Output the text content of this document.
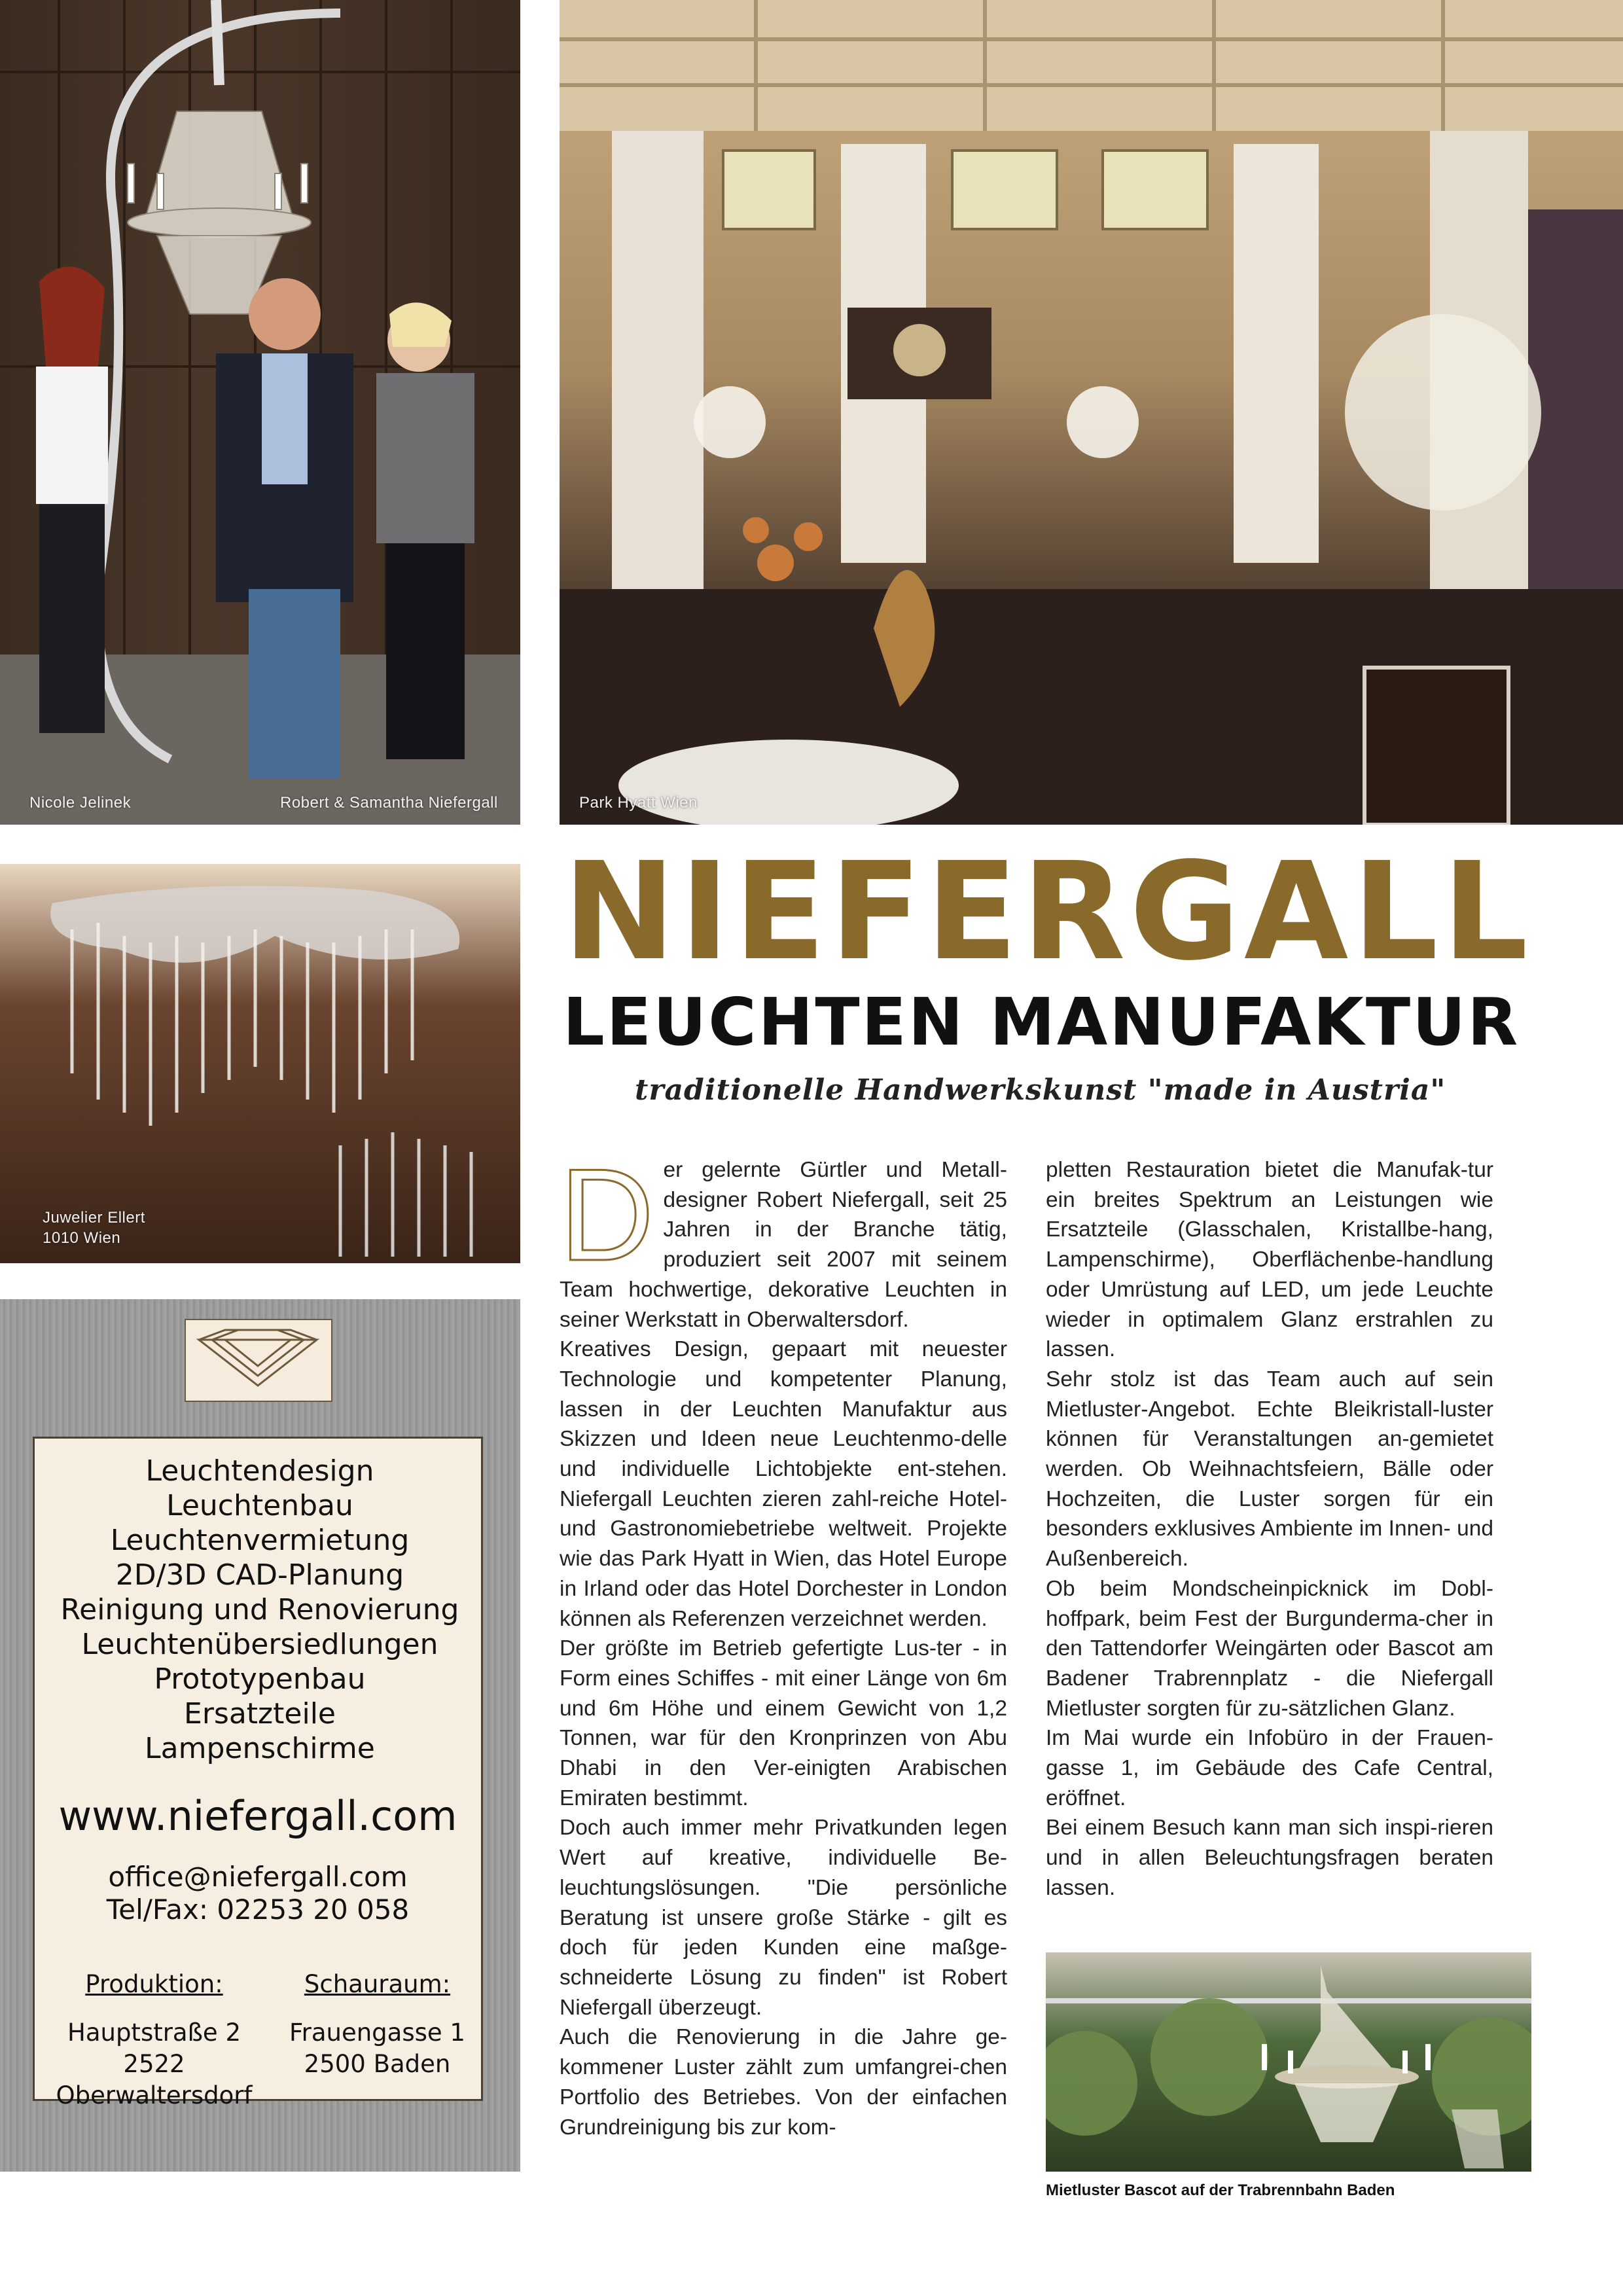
Nicole Jelinek	Robert & Samantha Niefergall	Park Hyatt Wien
Juwelier Ellert
1010 Wien
NIEFERGALL
LEUCHTEN MANUFAKTUR
traditionelle Handwerkskunst "made in Austria"

Der gelernte Gürtler und Metall-designer Robert Niefergall, seit 25 Jahren in der Branche tätig, produziert seit 2007 mit seinem Team hochwertige, dekorative Leuchten in seiner Werkstatt in Oberwaltersdorf.

Kreatives Design, gepaart mit neuester Technologie und kompetenter Planung, lassen in der Leuchten Manufaktur aus Skizzen und Ideen neue Leuchtenmo-delle und individuelle Lichtobjekte ent-stehen. Niefergall Leuchten zieren zahl-reiche Hotel- und Gastronomiebetriebe weltweit. Projekte wie das Park Hyatt in Wien, das Hotel Europe in Irland oder das Hotel Dorchester in London können als Referenzen verzeichnet werden.

Der größte im Betrieb gefertigte Lus-ter - in Form eines Schiffes - mit einer Länge von 6m und 6m Höhe und einem Gewicht von 1,2 Tonnen, war für den Kronprinzen von Abu Dhabi in den Ver-einigten Arabischen Emiraten bestimmt.

Doch auch immer mehr Privatkunden legen Wert auf kreative, individuelle Be-leuchtungslösungen. "Die persönliche Beratung ist unsere große Stärke - gilt es doch für jeden Kunden eine maßge-schneiderte Lösung zu finden" ist Robert Niefergall überzeugt.

Auch die Renovierung in die Jahre ge-kommener Luster zählt zum umfangrei-chen Portfolio des Betriebes. Von der einfachen Grundreinigung bis zur kom-

pletten Restauration bietet die Manufak-tur ein breites Spektrum an Leistungen wie Ersatzteile (Glasschalen, Kristallbe-hang, Lampenschirme), Oberflächenbe-handlung oder Umrüstung auf LED, um jede Leuchte wieder in optimalem Glanz erstrahlen zu lassen.

Sehr stolz ist das Team auch auf sein Mietluster-Angebot. Echte Bleikristall-luster können für Veranstaltungen an-gemietet werden. Ob Weihnachtsfeiern, Bälle oder Hochzeiten, die Luster sorgen für ein besonders exklusives Ambiente im Innen- und Außenbereich.

Ob beim Mondscheinpicknick im Dobl-hoffpark, beim Fest der Burgunderma-cher in den Tattendorfer Weingärten oder Bascot am Badener Trabrennplatz - die Niefergall Mietluster sorgten für zu-sätzlichen Glanz.

Im Mai wurde ein Infobüro in der Frauen-gasse 1, im Gebäude des Cafe Central, eröffnet.

Bei einem Besuch kann man sich inspi-rieren und in allen Beleuchtungsfragen beraten lassen.

Mietluster Bascot auf der Trabrennbahn Baden
Leuchtendesign
Leuchtenbau
Leuchtenvermietung
2D/3D CAD-Planung
Reinigung und Renovierung
Leuchtenübersiedlungen
Prototypenbau
Ersatzteile
Lampenschirme
www.niefergall.com
office@niefergall.com
Tel/Fax: 02253 20 058
Produktion:
Hauptstraße 2
2522 Oberwaltersdorf
Schauraum:
Frauengasse 1
2500 Baden
